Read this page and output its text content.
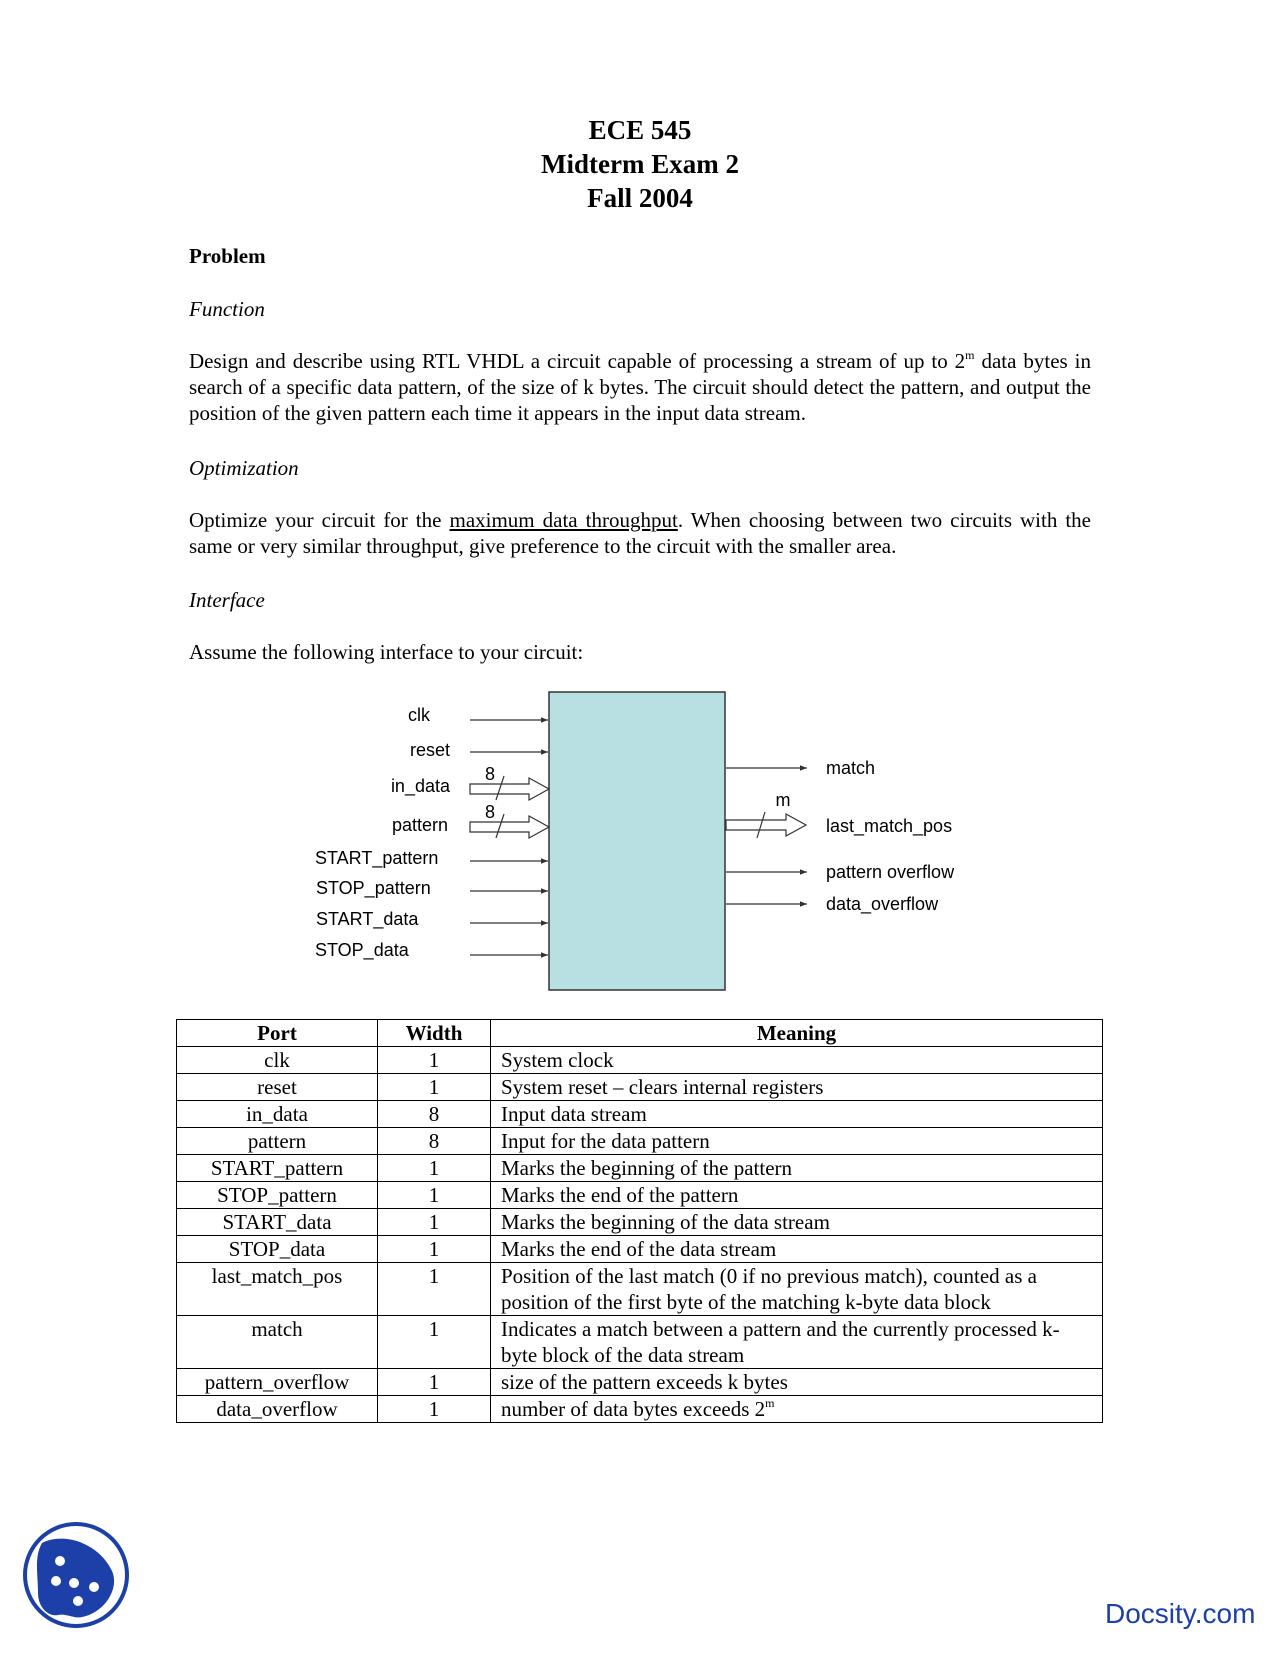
ECE 545
Midterm Exam 2
Fall 2004
Problem
Function
Design and describe using RTL VHDL a circuit capable of processing a stream of up to 2$^m$ data bytes in search of a specific data pattern, of the size of k bytes. The circuit should detect the pattern, and output the position of the given pattern each time it appears in the input data stream.
Optimization
Optimize your circuit for the maximum data throughput. When choosing between two circuits with the same or very similar throughput, give preference to the circuit with the smaller area.
Interface
Assume the following interface to your circuit:
clk
reset
in_data
pattern
START_pattern
STOP_pattern
START_data
STOP_data
8
8
match
m
last_match_pos
pattern overflow
data_overflow
Port	Width	Meaning
clk	1	System clock
reset	1	System reset – clears internal registers
in_data	8	Input data stream
pattern	8	Input for the data pattern
START_pattern	1	Marks the beginning of the pattern
STOP_pattern	1	Marks the end of the pattern
START_data	1	Marks the beginning of the data stream
STOP_data	1	Marks the end of the data stream
last_match_pos	1	Position of the last match (0 if no previous match), counted as a position of the first byte of the matching k-byte data block
match	1	Indicates a match between a pattern and the currently processed k-byte block of the data stream
pattern_overflow	1	size of the pattern exceeds k bytes
data_overflow	1	number of data bytes exceeds 2$^m$
Docsity.com
